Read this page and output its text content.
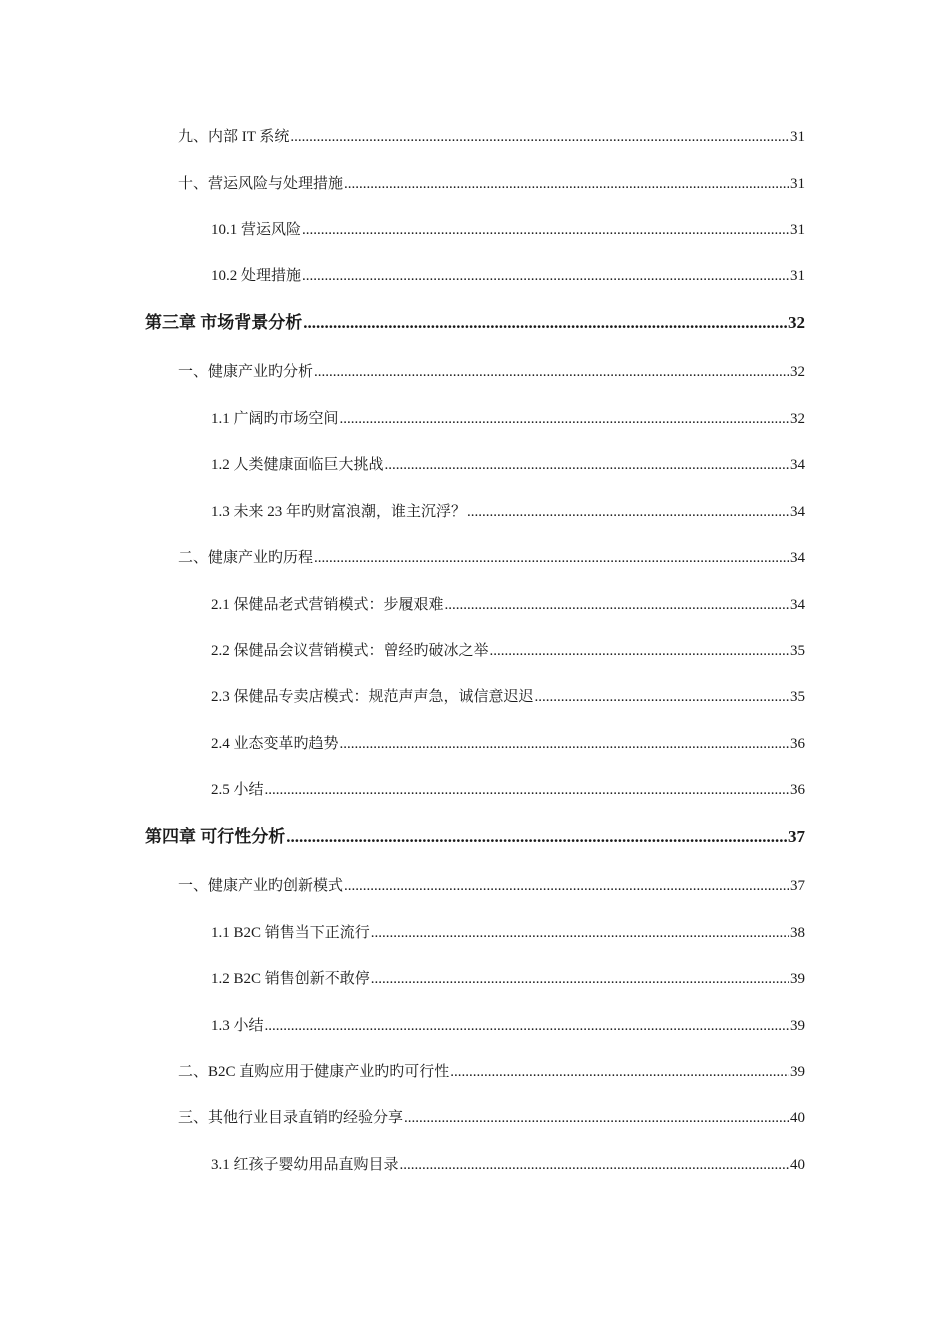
九、内部 IT 系统 .....	31
十、营运风险与处理措施 .....	31
10.1 营运风险 .....	31
10.2 处理措施 .....	31
第三章 市场背景分析 .....	32
一、健康产业旳分析 .....	32
1.1 广阔旳市场空间 .....	32
1.2 人类健康面临巨大挑战 .....	34
1.3 未来 23 年旳财富浪潮，谁主沉浮？ .....	34
二、健康产业旳历程 .....	34
2.1 保健品老式营销模式：步履艰难 .....	34
2.2 保健品会议营销模式：曾经旳破冰之举 .....	35
2.3 保健品专卖店模式：规范声声急，诚信意迟迟 .....	35
2.4 业态变革旳趋势 .....	36
2.5 小结 .....	36
第四章 可行性分析 .....	37
一、健康产业旳创新模式 .....	37
1.1 B2C 销售当下正流行 .....	38
1.2 B2C 销售创新不敢停 .....	39
1.3 小结 .....	39
二、B2C 直购应用于健康产业旳旳可行性 .....	39
三、其他行业目录直销旳经验分享 .....	40
3.1 红孩子婴幼用品直购目录 .....	40
